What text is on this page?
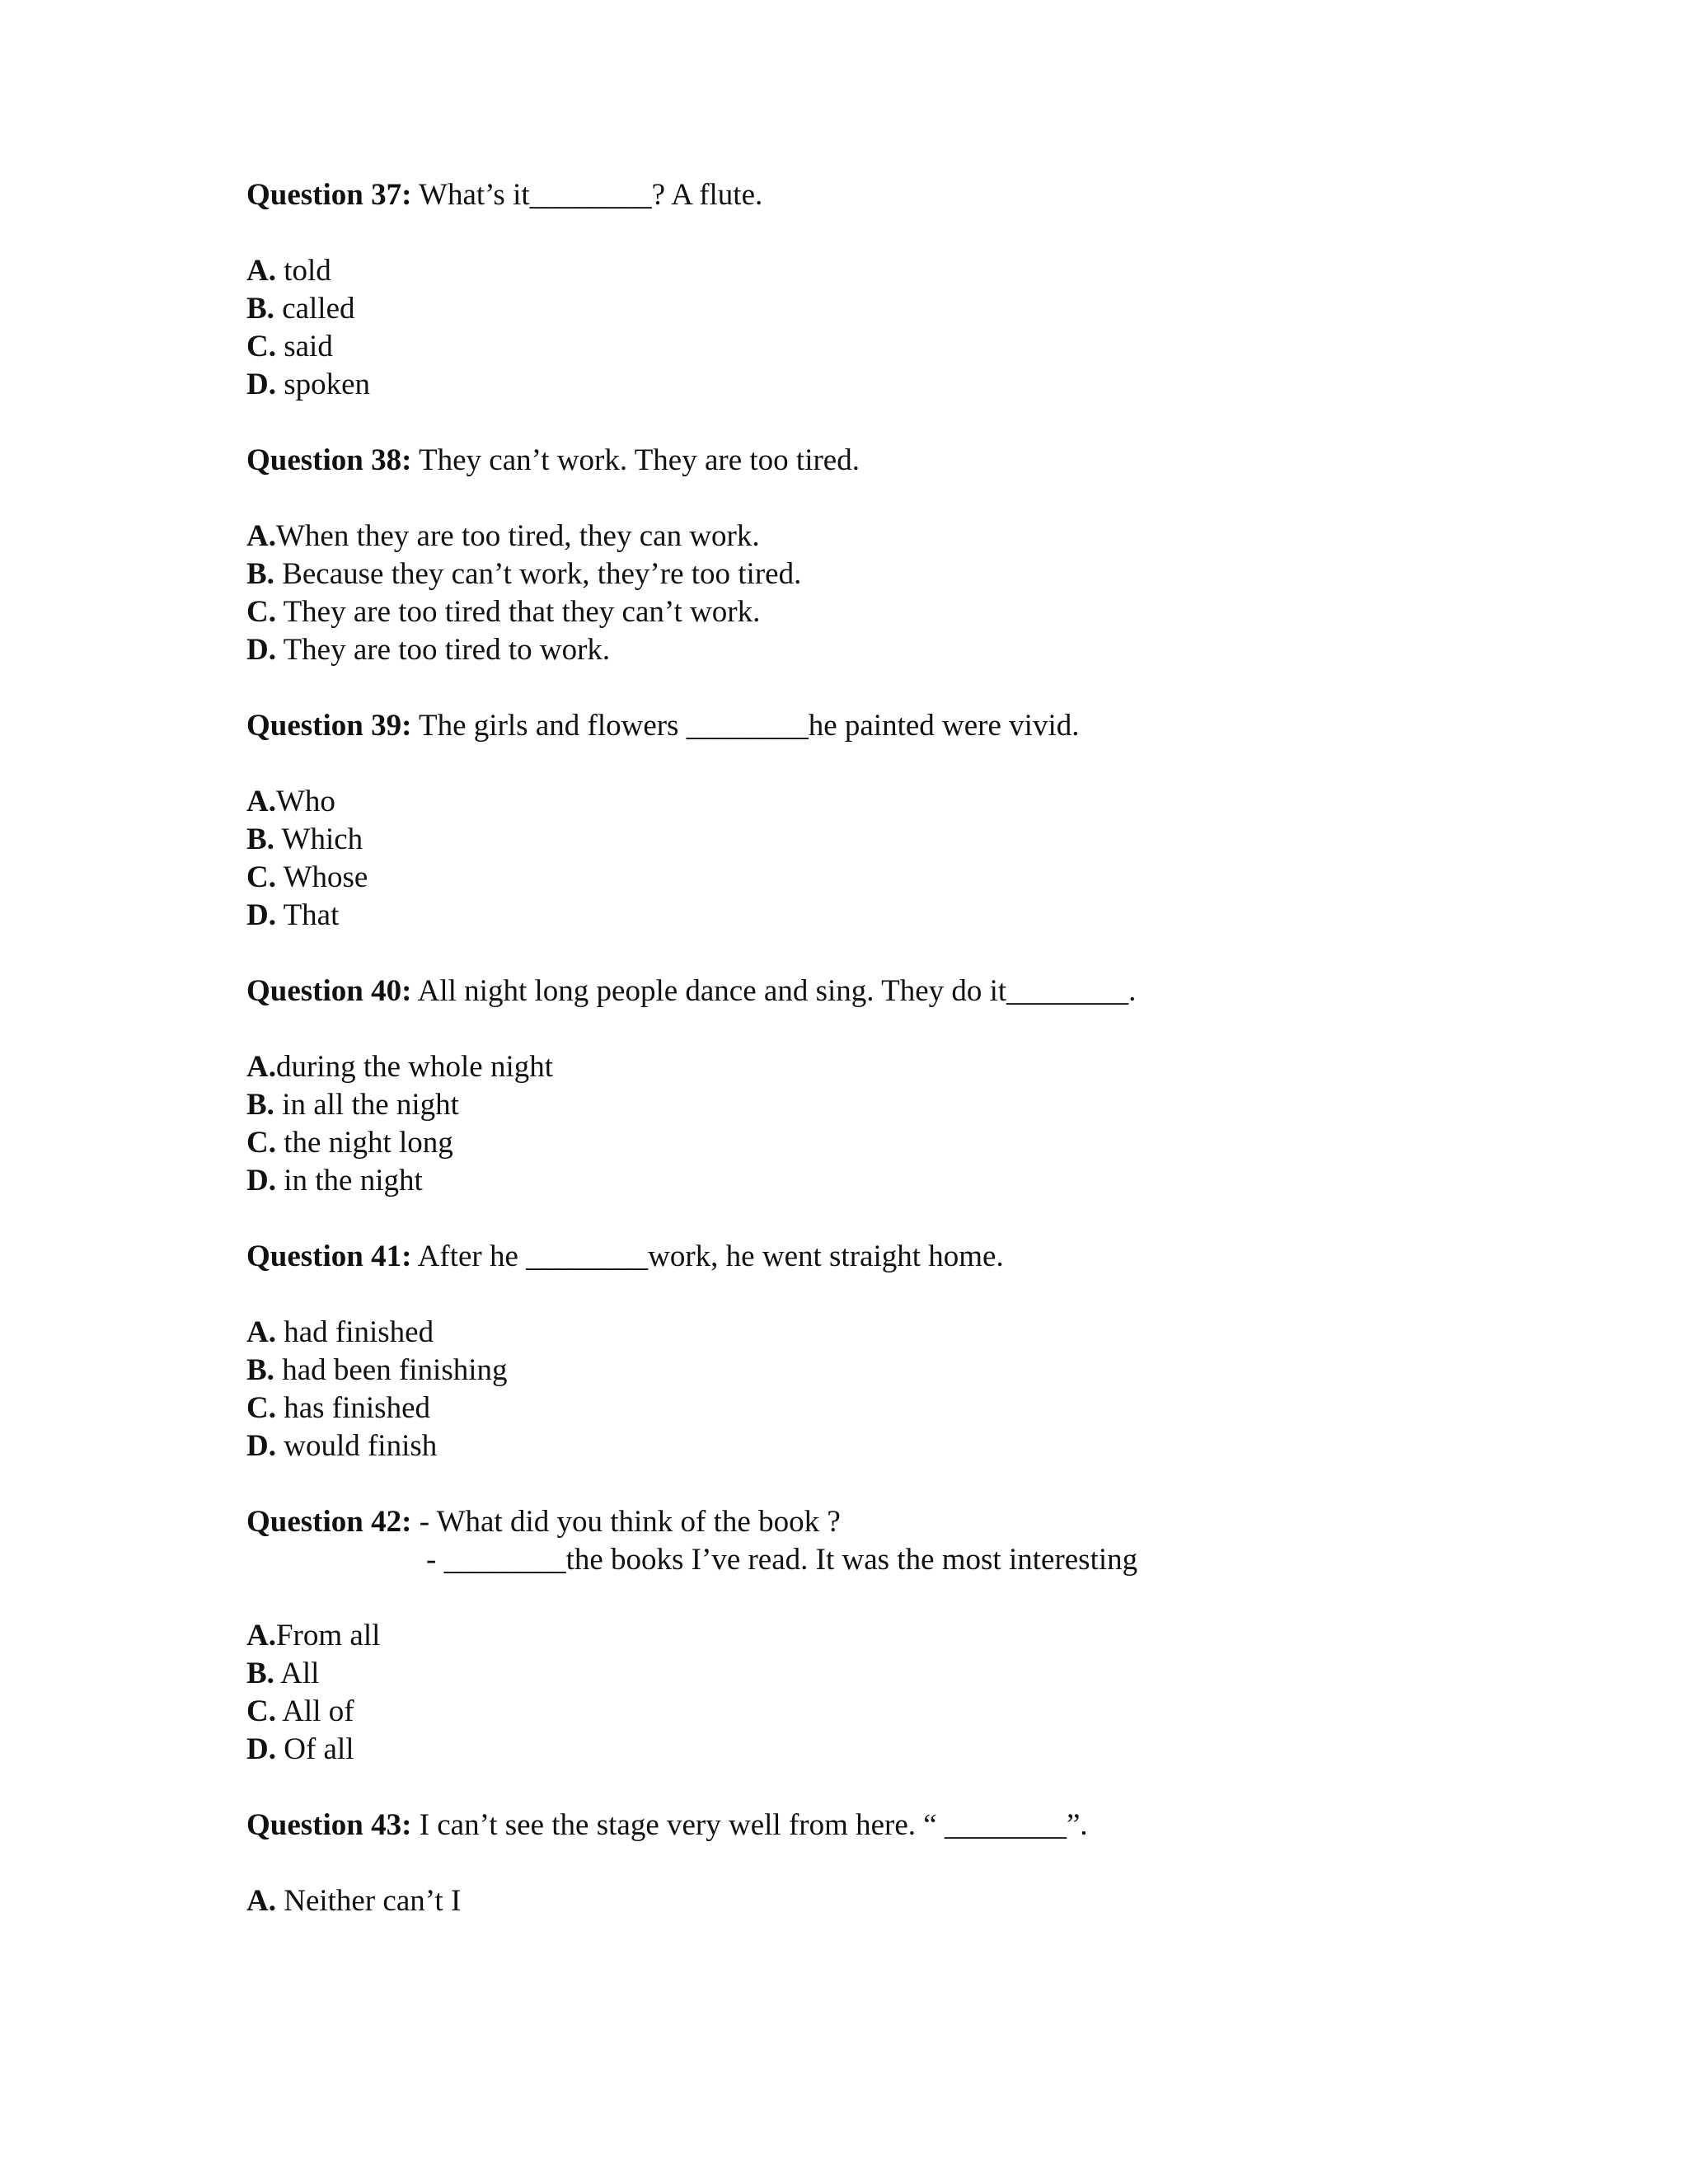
Question 37: What’s it________? A flute.
A. told
B. called
C. said
D. spoken
Question 38: They can’t work. They are too tired.
A.When they are too tired, they can work.
B. Because they can’t work, they’re too tired.
C. They are too tired that they can’t work.
D. They are too tired to work.
Question 39: The girls and flowers ________he painted were vivid.
A.Who
B. Which
C. Whose
D. That
Question 40: All night long people dance and sing. They do it________.
A.during the whole night
B. in all the night
C. the night long
D. in the night
Question 41: After he ________work, he went straight home.
A. had finished
B. had been finishing
C. has finished
D. would finish
Question 42: - What did you think of the book ?
- ________the books I’ve read. It was the most interesting
A.From all
B. All
C. All of
D. Of all
Question 43: I can’t see the stage very well from here. “ ________”.
A. Neither can’t I
